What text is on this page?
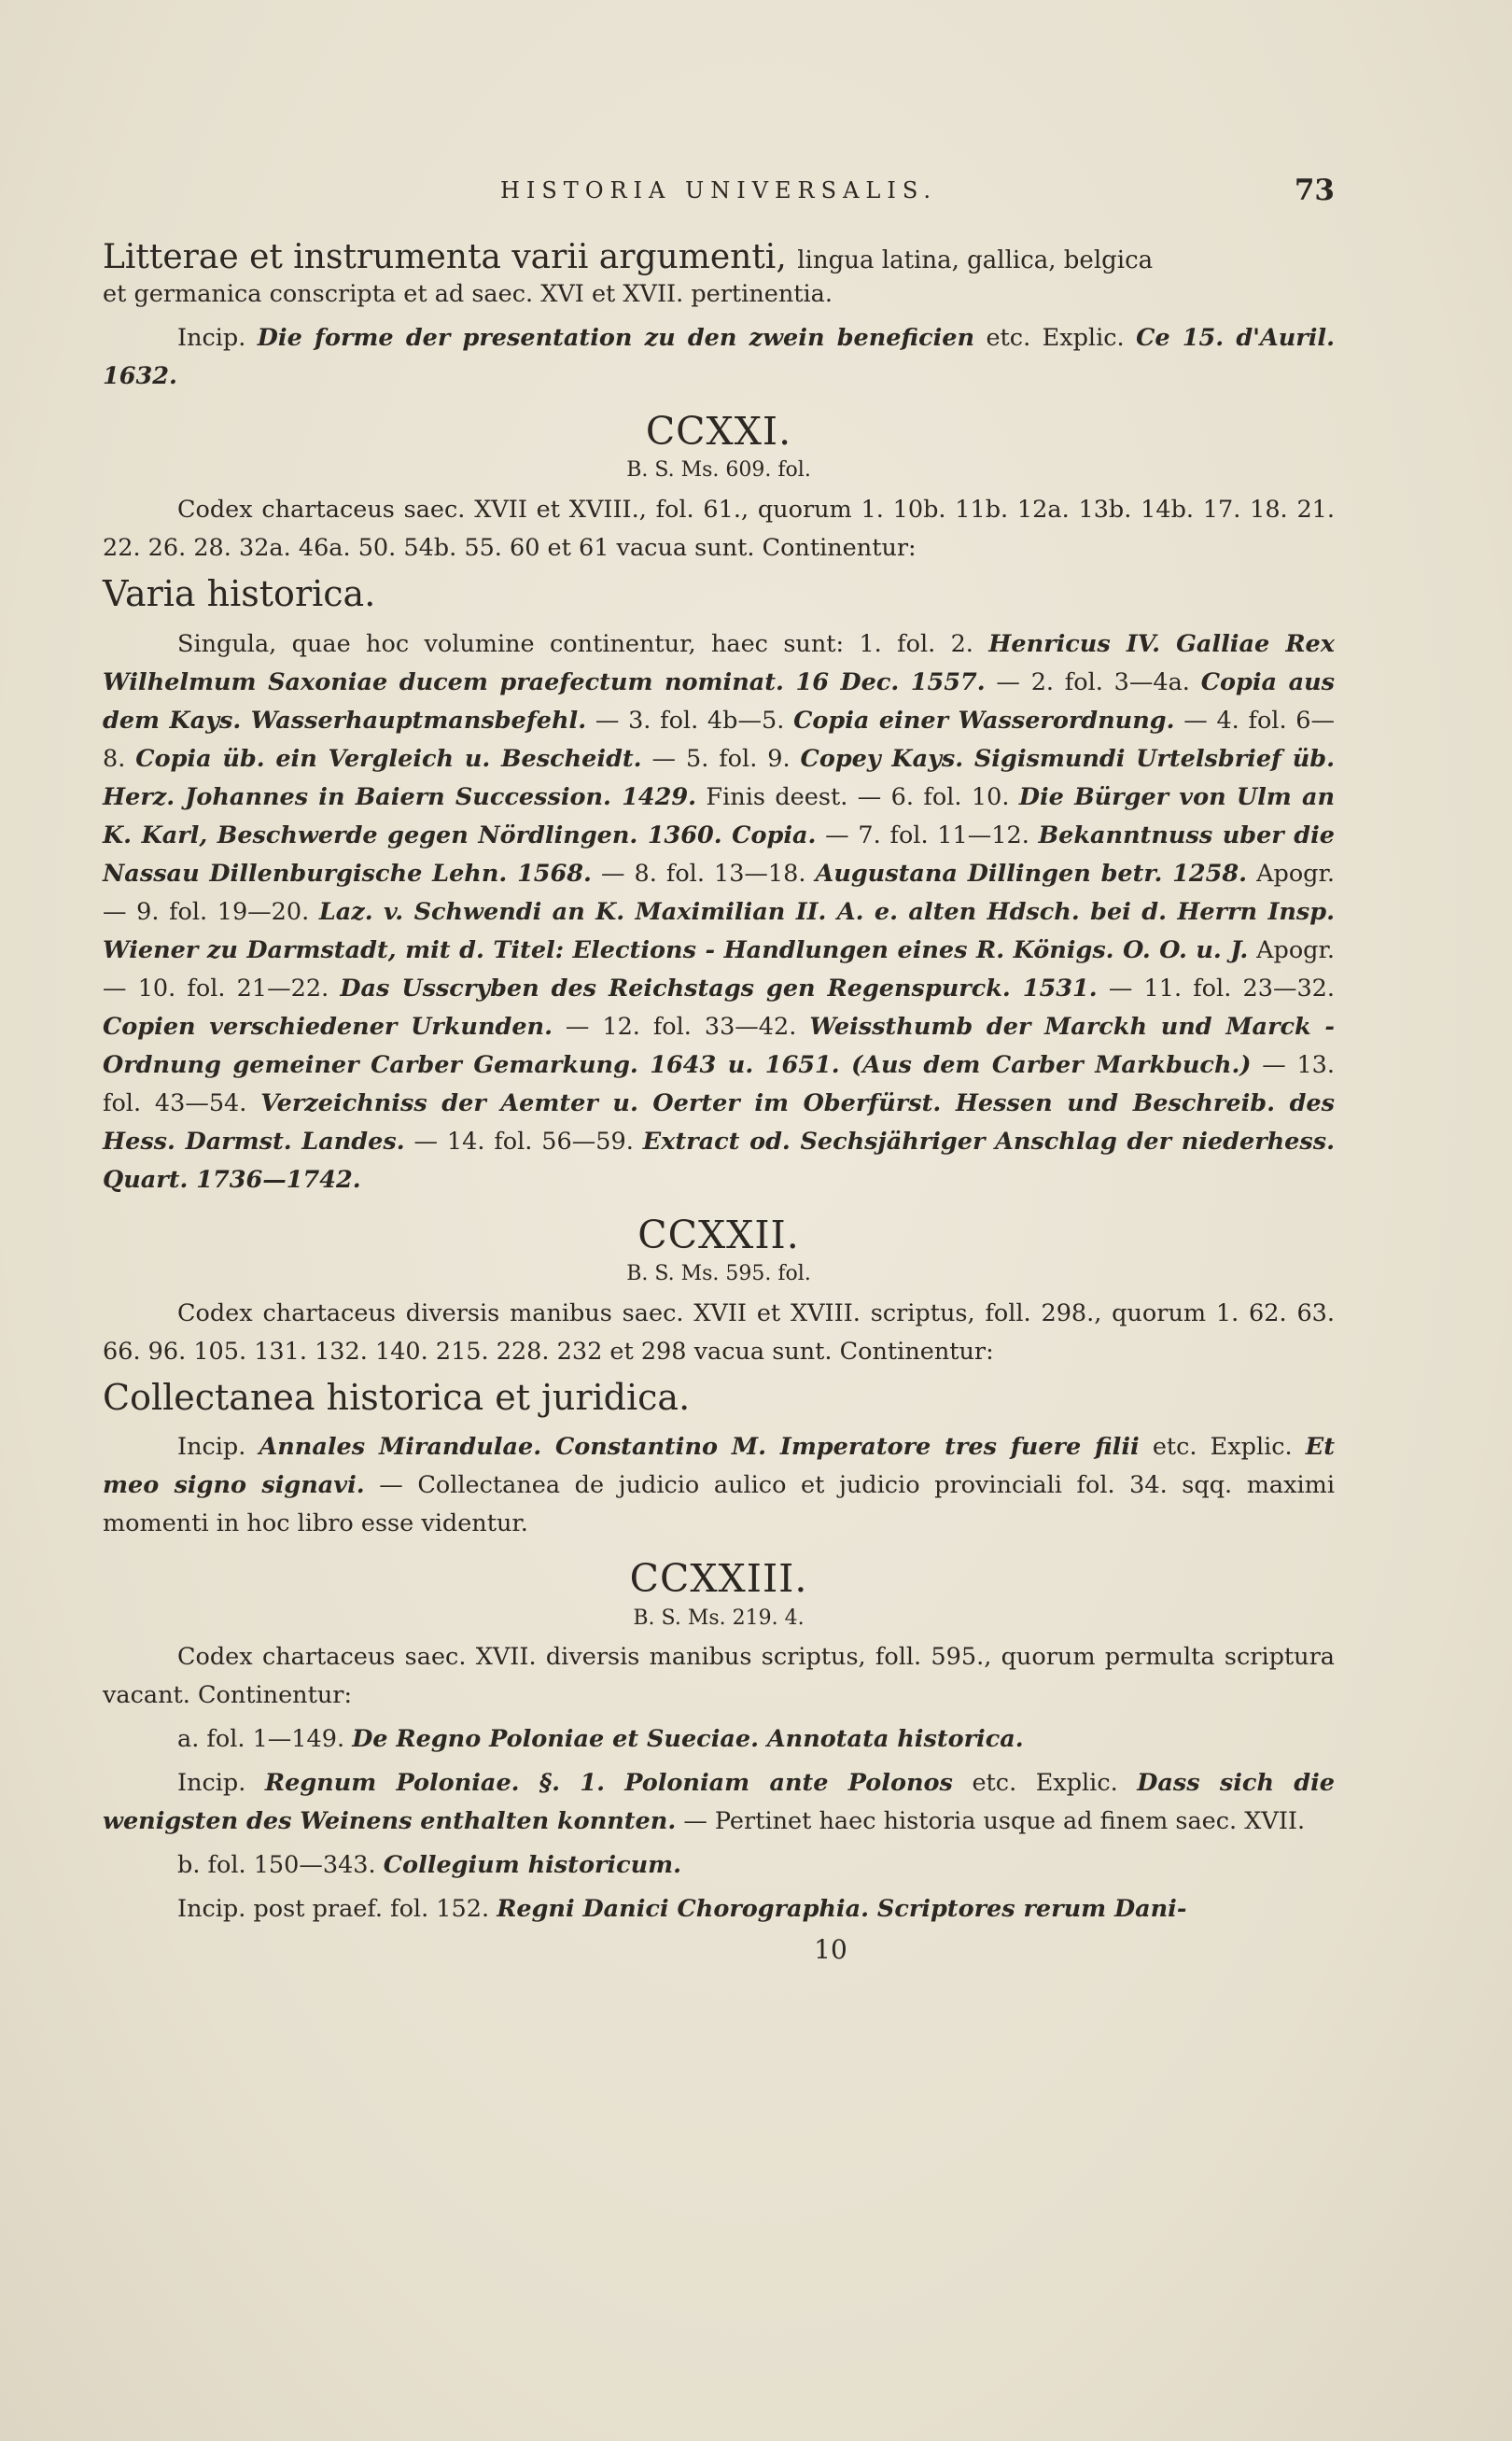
HISTORIA UNIVERSALIS.	73
Litterae et instrumenta varii argumenti, lingua latina, gallica, belgica

et germanica conscripta et ad saec. XVI et XVII. pertinentia.

Incip. Die forme der presentation zu den zwein beneficien etc. Explic. Ce 15. d'Auril. 1632.

CCXXI.
B. S. Ms. 609. fol.

Codex chartaceus saec. XVII et XVIII., fol. 61., quorum 1. 10b. 11b. 12a. 13b. 14b. 17. 18. 21. 22. 26. 28. 32a. 46a. 50. 54b. 55. 60 et 61 vacua sunt. Continentur:

Varia historica.

Singula, quae hoc volumine continentur, haec sunt: 1. fol. 2. Henricus IV. Galliae Rex Wilhelmum Saxoniae ducem praefectum nominat. 16 Dec. 1557. — 2. fol. 3—4a. Copia aus dem Kays. Wasserhauptmansbefehl. — 3. fol. 4b—5. Copia einer Wasserordnung. — 4. fol. 6—8. Copia üb. ein Vergleich u. Bescheidt. — 5. fol. 9. Copey Kays. Sigismundi Urtelsbrief üb. Herz. Johannes in Baiern Succession. 1429. Finis deest. — 6. fol. 10. Die Bürger von Ulm an K. Karl, Beschwerde gegen Nördlingen. 1360. Copia. — 7. fol. 11—12. Bekanntnuss uber die Nassau Dillenburgische Lehn. 1568. — 8. fol. 13—18. Augustana Dillingen betr. 1258. Apogr. — 9. fol. 19—20. Laz. v. Schwendi an K. Maximilian II. A. e. alten Hdsch. bei d. Herrn Insp. Wiener zu Darmstadt, mit d. Titel: Elections - Handlungen eines R. Königs. O. O. u. J. Apogr. — 10. fol. 21—22. Das Usscryben des Reichstags gen Regenspurck. 1531. — 11. fol. 23—32. Copien verschiedener Urkunden. — 12. fol. 33—42. Weissthumb der Marckh und Marck - Ordnung gemeiner Carber Gemarkung. 1643 u. 1651. (Aus dem Carber Markbuch.) — 13. fol. 43—54. Verzeichniss der Aemter u. Oerter im Oberfürst. Hessen und Beschreib. des Hess. Darmst. Landes. — 14. fol. 56—59. Extract od. Sechsjähriger Anschlag der niederhess. Quart. 1736—1742.

CCXXII.
B. S. Ms. 595. fol.

Codex chartaceus diversis manibus saec. XVII et XVIII. scriptus, foll. 298., quorum 1. 62. 63. 66. 96. 105. 131. 132. 140. 215. 228. 232 et 298 vacua sunt. Continentur:

Collectanea historica et juridica.

Incip. Annales Mirandulae. Constantino M. Imperatore tres fuere filii etc. Explic. Et meo signo signavi. — Collectanea de judicio aulico et judicio provinciali fol. 34. sqq. maximi momenti in hoc libro esse videntur.

CCXXIII.
B. S. Ms. 219. 4.

Codex chartaceus saec. XVII. diversis manibus scriptus, foll. 595., quorum permulta scriptura vacant. Continentur:

a. fol. 1—149. De Regno Poloniae et Sueciae. Annotata historica.

Incip. Regnum Poloniae. §. 1. Poloniam ante Polonos etc. Explic. Dass sich die wenigsten des Weinens enthalten konnten. — Pertinet haec historia usque ad finem saec. XVII.

b. fol. 150—343. Collegium historicum.

Incip. post praef. fol. 152. Regni Danici Chorographia. Scriptores rerum Dani-

10
